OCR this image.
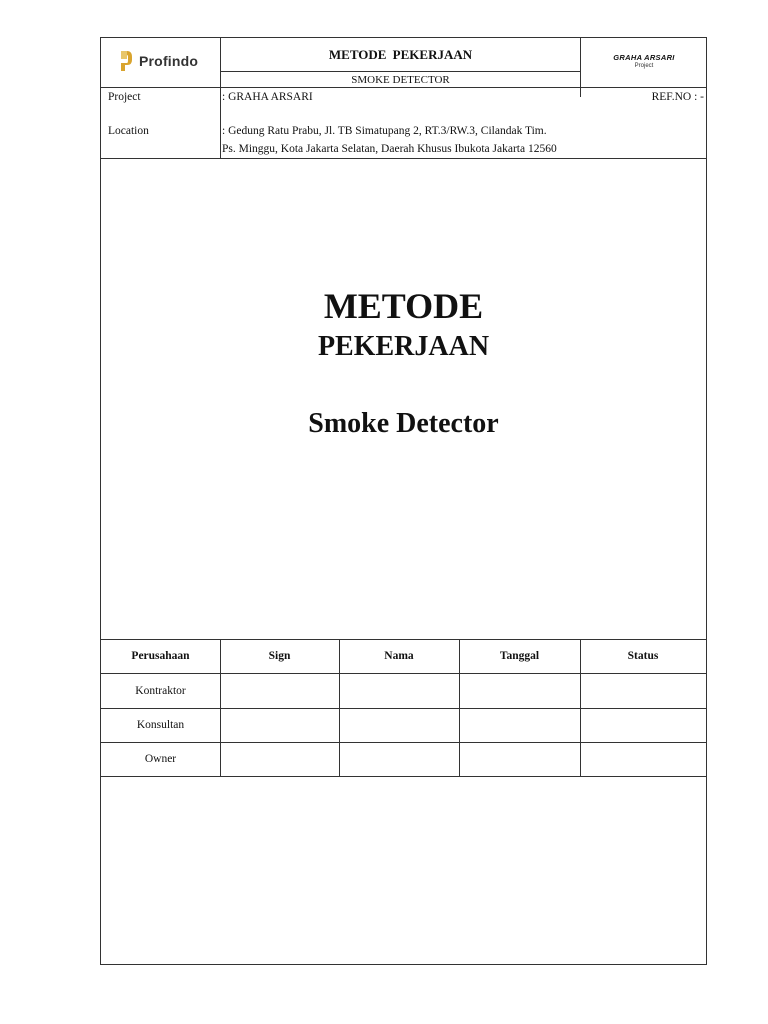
Profindo	METODE PEKERJAAN
SMOKE DETECTOR
GRAHA ARSARI
Project
Project	: GRAHA ARSARI	REF.NO : -
Location	: Gedung Ratu Prabu, Jl. TB Simatupang 2, RT.3/RW.3, Cilandak Tim.
Ps. Minggu, Kota Jakarta Selatan, Daerah Khusus Ibukota Jakarta 12560
METODE
PEKERJAAN
Smoke Detector
Perusahaan	Sign	Nama	Tanggal	Status
Kontraktor
Konsultan
Owner
